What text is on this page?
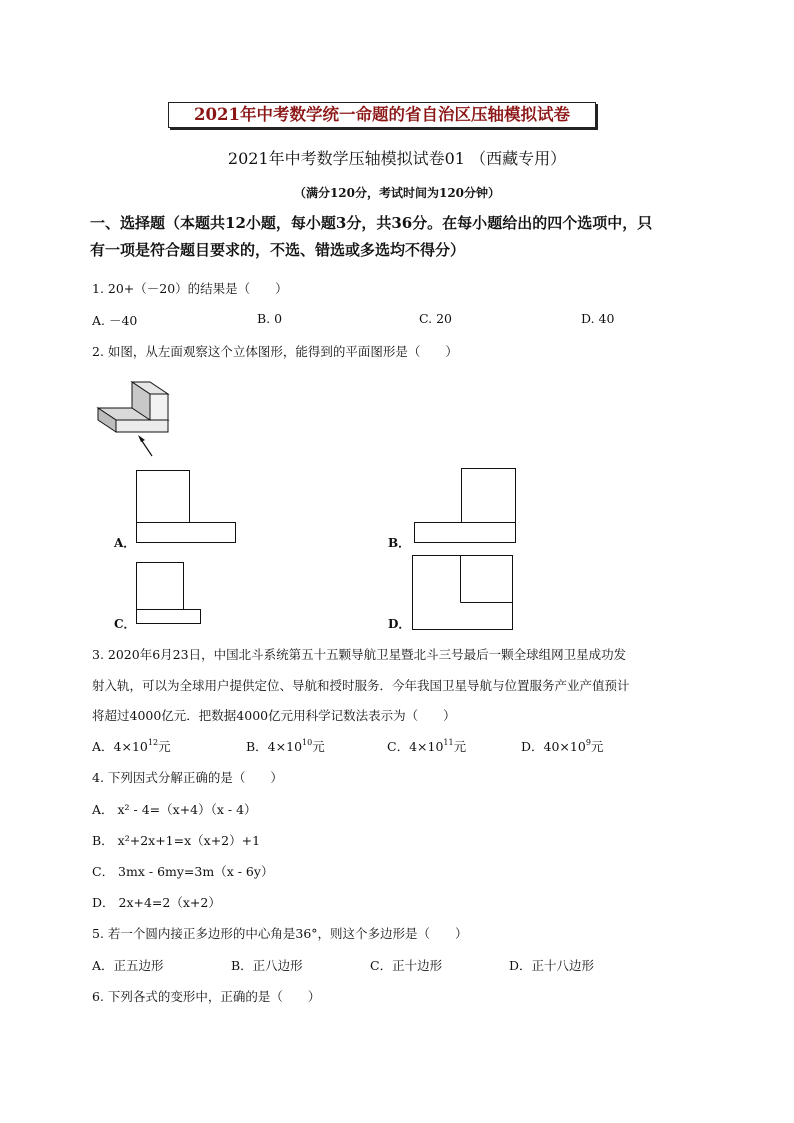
2021年中考数学统一命题的省自治区压轴模拟试卷
2021年中考数学压轴模拟试卷01 （西藏专用）
（满分120分，考试时间为120分钟）
一、选择题（本题共12小题，每小题3分，共36分。在每小题给出的四个选项中，只
有一项是符合题目要求的，不选、错选或多选均不得分）
1. 20+（－20）的结果是（　　）
A. －40	B. 0	C. 20	D. 40
2. 如图，从左面观察这个立体图形，能得到的平面图形是（　　）
A．	B．
C．	D．
3. 2020年6月23日，中国北斗系统第五十五颗导航卫星暨北斗三号最后一颗全球组网卫星成功发
射入轨，可以为全球用户提供定位、导航和授时服务．今年我国卫星导航与位置服务产业产值预计
将超过4000亿元．把数据4000亿元用科学记数法表示为（　　）
A．$4\times 10^{12}$元	B．$4\times 10^{10}$元	C．$4\times 10^{11}$元	D．$40\times 10^9$元
4. 下列因式分解正确的是（　　）
A． x² - 4=（x+4）（x - 4）
B． x²+2x+1=x（x+2）+1
C． 3mx - 6my=3m（x - 6y）
D． 2x+4=2（x+2）
5. 若一个圆内接正多边形的中心角是36°，则这个多边形是（　　）
A．正五边形	B．正八边形	C．正十边形	D．正十八边形
6. 下列各式的变形中，正确的是（　　）
